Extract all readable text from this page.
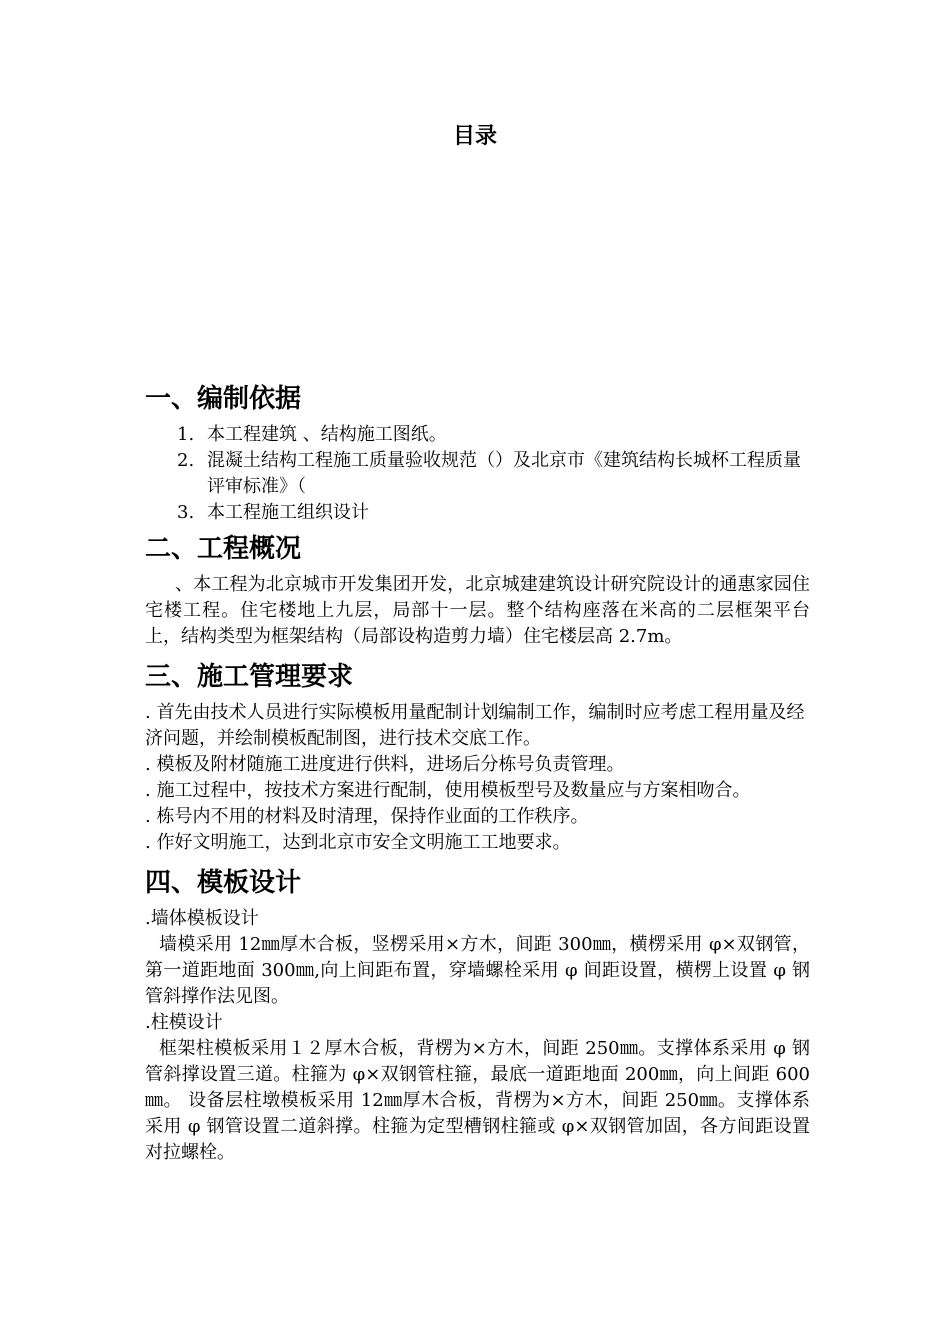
目录
一、编制依据
1. 本工程建筑 、结构施工图纸。
2. 混凝土结构工程施工质量验收规范（）及北京市《建筑结构长城杯工程质量评审标准》（
3. 本工程施工组织设计
二、工程概况

、本工程为北京城市开发集团开发，北京城建建筑设计研究院设计的通惠家园住宅楼工程。住宅楼地上九层，局部十一层。整个结构座落在米高的二层框架平台上，结构类型为框架结构（局部设构造剪力墙）住宅楼层高 2.7m。

三、施工管理要求

. 首先由技术人员进行实际模板用量配制计划编制工作，编制时应考虑工程用量及经济问题，并绘制模板配制图，进行技术交底工作。

. 模板及附材随施工进度进行供料，进场后分栋号负责管理。

. 施工过程中，按技术方案进行配制，使用模板型号及数量应与方案相吻合。

. 栋号内不用的材料及时清理，保持作业面的工作秩序。

. 作好文明施工，达到北京市安全文明施工工地要求。

四、模板设计

.墙体模板设计

墙模采用 12㎜厚木合板，竖楞采用×方木，间距 300㎜，横楞采用 φ×双钢管，第一道距地面 300㎜,向上间距布置，穿墙螺栓采用 φ 间距设置，横楞上设置 φ 钢管斜撑作法见图。

.柱模设计

框架柱模板采用１２厚木合板，背楞为×方木，间距 250㎜。支撑体系采用 φ 钢管斜撑设置三道。柱箍为 φ×双钢管柱箍，最底一道距地面 200㎜，向上间距 600㎜。 设备层柱墩模板采用 12㎜厚木合板，背楞为×方木，间距 250㎜。支撑体系采用 φ 钢管设置二道斜撑。柱箍为定型槽钢柱箍或 φ×双钢管加固，各方间距设置对拉螺栓。
